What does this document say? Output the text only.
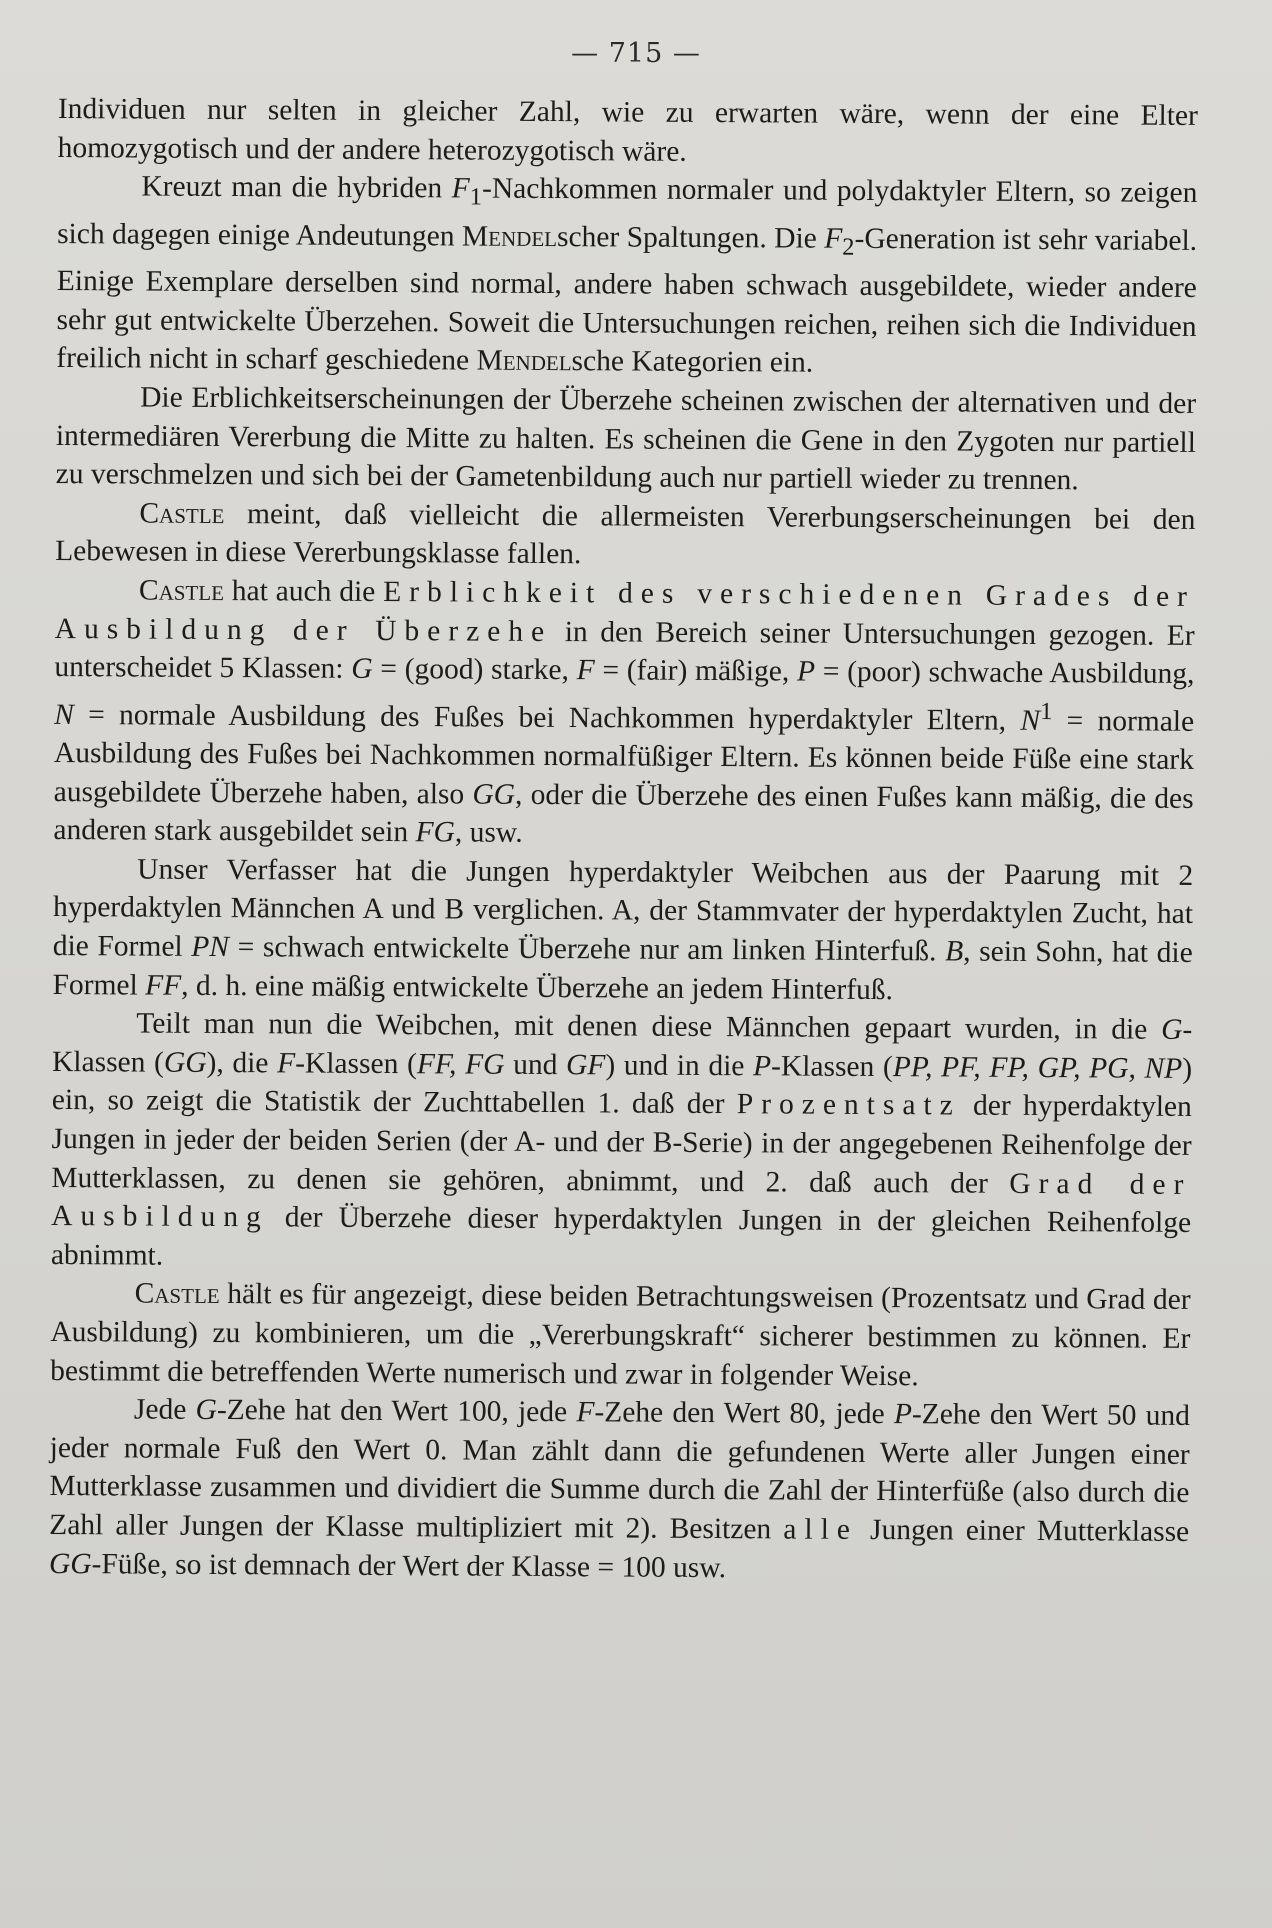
— 715 —

Individuen nur selten in gleicher Zahl, wie zu erwarten wäre, wenn der eine Elter homozygotisch und der andere heterozygotisch wäre.

Kreuzt man die hybriden $F_1$-Nachkommen normaler und polydaktyler Eltern, so zeigen sich dagegen einige Andeutungen Mendelscher Spaltungen. Die $F_2$-Generation ist sehr variabel. Einige Exemplare derselben sind normal, andere haben schwach ausgebildete, wieder andere sehr gut entwickelte Überzehen. Soweit die Untersuchungen reichen, reihen sich die Individuen freilich nicht in scharf geschiedene Mendelsche Kategorien ein.

Die Erblichkeitserscheinungen der Überzehe scheinen zwischen der alternativen und der intermediären Vererbung die Mitte zu halten. Es scheinen die Gene in den Zygoten nur partiell zu verschmelzen und sich bei der Gametenbildung auch nur partiell wieder zu trennen.

Castle meint, daß vielleicht die allermeisten Vererbungserscheinungen bei den Lebewesen in diese Vererbungsklasse fallen.

Castle hat auch die Erblichkeit des verschiedenen Grades der Ausbildung der Überzehe in den Bereich seiner Untersuchungen gezogen. Er unterscheidet 5 Klassen: G = (good) starke, F = (fair) mäßige, P = (poor) schwache Ausbildung, N = normale Ausbildung des Fußes bei Nachkommen hyperdaktyler Eltern, $N^1$ = normale Ausbildung des Fußes bei Nachkommen normalfüßiger Eltern. Es können beide Füße eine stark ausgebildete Überzehe haben, also GG, oder die Überzehe des einen Fußes kann mäßig, die des anderen stark ausgebildet sein FG, usw.

Unser Verfasser hat die Jungen hyperdaktyler Weibchen aus der Paarung mit 2 hyperdaktylen Männchen A und B verglichen. A, der Stammvater der hyperdaktylen Zucht, hat die Formel PN = schwach entwickelte Überzehe nur am linken Hinterfuß. B, sein Sohn, hat die Formel FF, d. h. eine mäßig entwickelte Überzehe an jedem Hinterfuß.

Teilt man nun die Weibchen, mit denen diese Männchen gepaart wurden, in die G-Klassen (GG), die F-Klassen (FF, FG und GF) und in die P-Klassen (PP, PF, FP, GP, PG, NP) ein, so zeigt die Statistik der Zuchttabellen 1. daß der Prozentsatz der hyperdaktylen Jungen in jeder der beiden Serien (der A- und der B-Serie) in der angegebenen Reihenfolge der Mutterklassen, zu denen sie gehören, abnimmt, und 2. daß auch der Grad der Ausbildung der Überzehe dieser hyperdaktylen Jungen in der gleichen Reihenfolge abnimmt.

Castle hält es für angezeigt, diese beiden Betrachtungsweisen (Prozentsatz und Grad der Ausbildung) zu kombinieren, um die „Vererbungskraft“ sicherer bestimmen zu können. Er bestimmt die betreffenden Werte numerisch und zwar in folgender Weise.

Jede G-Zehe hat den Wert 100, jede F-Zehe den Wert 80, jede P-Zehe den Wert 50 und jeder normale Fuß den Wert 0. Man zählt dann die gefundenen Werte aller Jungen einer Mutterklasse zusammen und dividiert die Summe durch die Zahl der Hinterfüße (also durch die Zahl aller Jungen der Klasse multipliziert mit 2). Besitzen alle Jungen einer Mutterklasse GG-Füße, so ist demnach der Wert der Klasse = 100 usw.
